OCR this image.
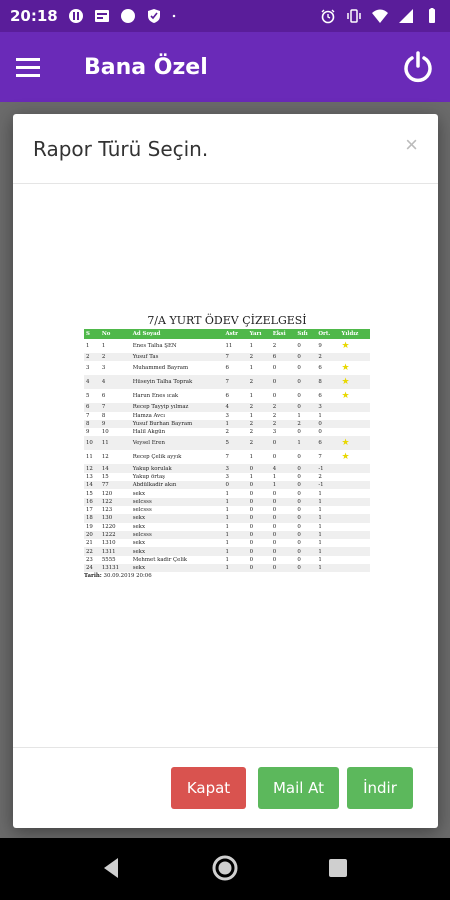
20:18
Bana Özel
Rapor Türü Seçin.	×
7/A YURT ÖDEV ÇİZELGESİ
S	No	Ad Soyad	Astr	Yarı	Eksi	Sıfı	Ort.	Yıldız
1	1	Enes Talha ŞEN	11	1	2	0	9	★
2	2	Yusuf Tas	7	2	6	0	2	
3	3	Muhammed Bayram	6	1	0	0	6	★
4	4	Hüseyin Talha Toprak	7	2	0	0	8	★
5	6	Harun Enes ıcak	6	1	0	0	6	★
6	7	Recep Tayyip yılmaz	4	2	2	0	3	
7	8	Hamza Avcı	3	1	2	1	1	
8	9	Yusuf Burhan Bayram	1	2	2	2	0	
9	10	Halil Akgün	2	2	3	0	0	
10	11	Veysel Eren	5	2	0	1	6	★
11	12	Recep Çelik ayyık	7	1	0	0	7	★
12	14	Yakup korulak	3	0	4	0	-1	
13	15	Yakup örtaş	3	1	1	0	2	
14	77	Abdülkadir akın	0	0	1	0	-1	
15	120	sekx	1	0	0	0	1	
16	122	selcsss	1	0	0	0	1	
17	123	selcsss	1	0	0	0	1	
18	130	sekx	1	0	0	0	1	
19	1220	sekx	1	0	0	0	1	
20	1222	selcsss	1	0	0	0	1	
21	1310	sekx	1	0	0	0	1	
22	1311	sekx	1	0	0	0	1	
23	5555	Mehmet kadir Çelik	1	0	0	0	1	
24	13131	sekx	1	0	0	0	1	
Tarih: 30.09.2019 20:06
Kapat	Mail At	İndir
